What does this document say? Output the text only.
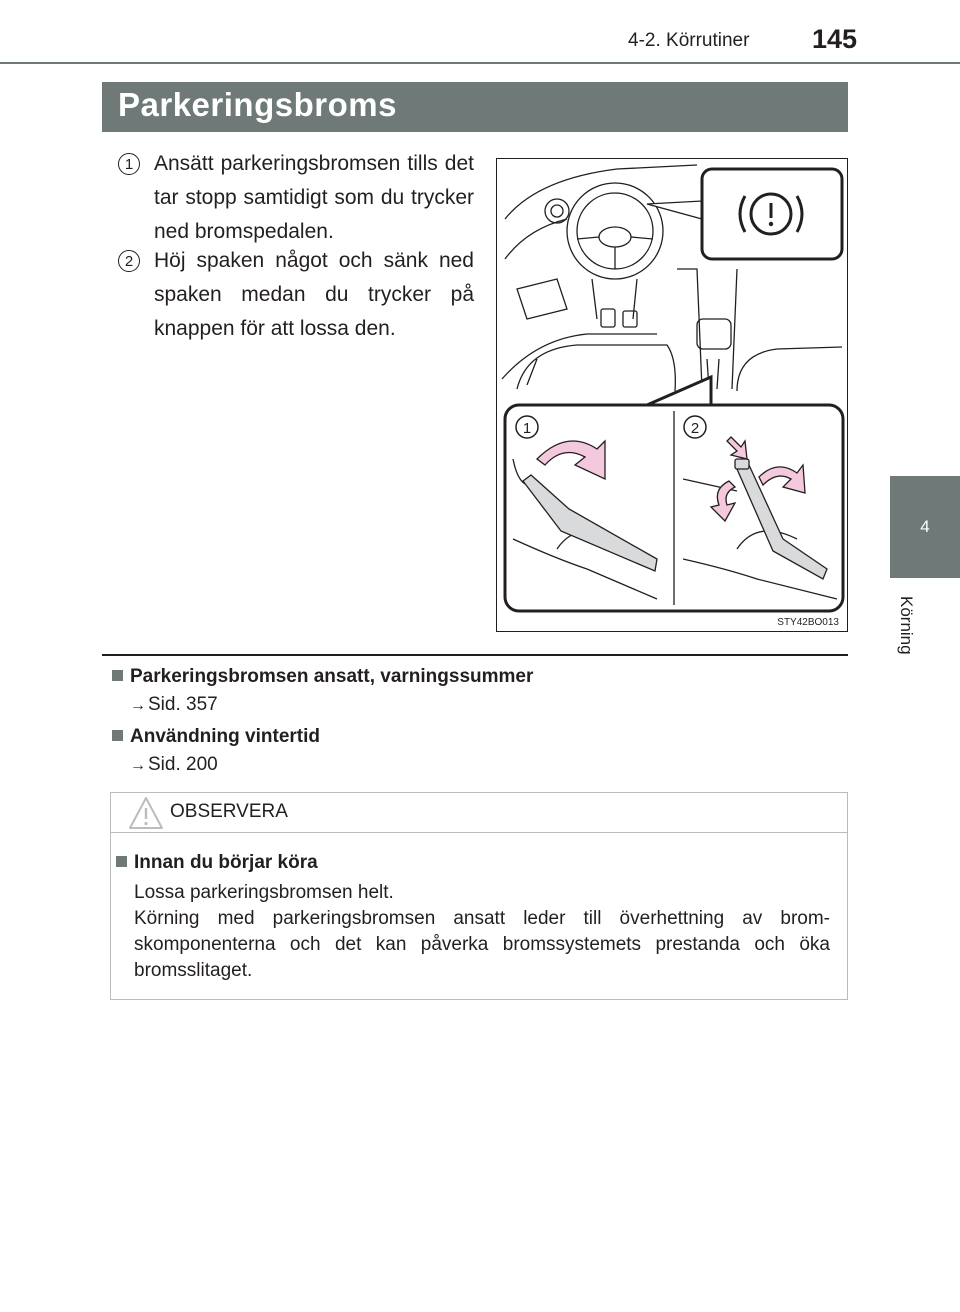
4-2. Körrutiner 145
4
Körning
Parkeringsbroms
1 Ansätt parkeringsbromsen tills det tar stopp samtidigt som du trycker ned bromspedalen.
2 Höj spaken något och sänk ned spaken medan du trycker på knappen för att lossa den.
1	2
STY42BO013
Parkeringsbromsen ansatt, varningssummer
→ Sid. 357
Användning vintertid
→ Sid. 200
OBSERVERA
Innan du börjar köra

Lossa parkeringsbromsen helt.

Körning med parkeringsbromsen ansatt leder till överhettning av brom-skomponenterna och det kan påverka bromssystemets prestanda och öka bromsslitaget.
